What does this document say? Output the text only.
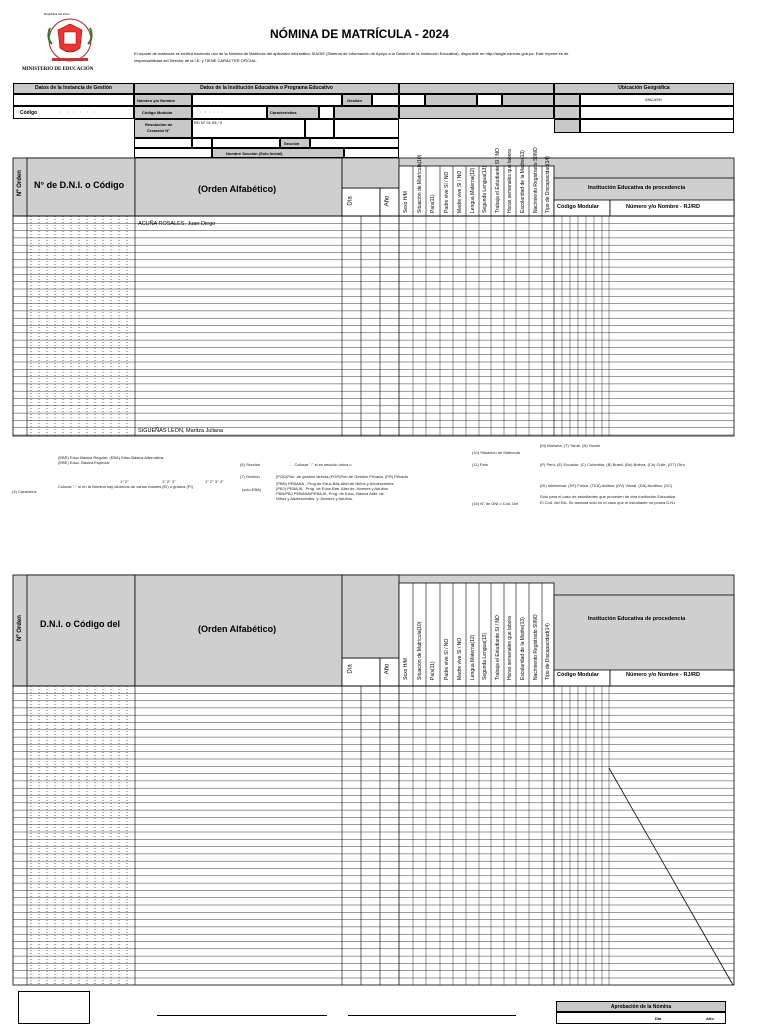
República del Perú
MINISTERIO DE EDUCACIÓN
NÓMINA DE MATRÍCULA - 2024
El reporte de matrícula se emitirá haciendo uso de la Nómina de Matrícula del aplicativo informático SIAGIE (Sistema de Información de Apoyo a la Gestión de la Institución Educativa), disponible en http://siagie.minedu.gob.pe. Este reporte es de
responsabilidad del Director de la I.E. y TIENE CARÁCTER OFICIAL.
Datos de la Instancia de Gestión
Código	:     :     :     :     :     :
Datos de la Institución Educativa o Programa Educativo
Número y/o Nombre	Gestión
Código Modular	:   :   :   :   :   :	Característica
Resolución de
Creación N°
RD N° 01 05 / 0
Sección
Nombre Sección (Solo Inicial)
Ubicación Geográfica
ANCASH
Nº Orden N° de D.N.I. o Código	(Orden Alfabético)
Día	Año
Institución Educativa de procedencia
Código Modular	Número y/o Nombre - RJ/RD
Sexo H/M Situación de Matrícula(10) País(11) Padre vive SI / NO Madre vive SI / NO Lengua Materna(12) Segunda Lengua(13) Trabaja el Estudiante SI / NO Horas semanales que labora Escolaridad de la Madre(13) Nacimiento Registrado SI/NO Tipo de Discapacidad(14)
ACUÑA ROSALES, Juan Diego
SIGUEÑAS LEON, Maritza Juliana
(EBR) Educ.Básica Regular, (EBA) Educ.Básica Alternativa,
(EBE) Educ. Básica Especial	(6) Sección	... Colocar "-" si es sección única o
(7) Gestión	(PGD)Púb. de gestión directa,(PGP)Pub.de Gestión Privada, (PR) Privada
(PBN) PEBANA , Prog.de Educ.Bás.Alter.de Niños y Adolescentes
(PBJ) PEBAJA , Prog. de Educ.Bás. Alter.de Jóvenes y Adultos
PBN/PBJ PEBANA/PEBAJA, Prog. de Educ. Básica Alter. de
Niños y Adolescentes, y Jóvenes y Adultos.
(solo EBA)
(4) Caracterís.
Colocar "-" si en la Nómina hay alumnos de varias edades (EI) o grados (PI)
1° 2°	1° 2° 3°	1° 2° 3° 4°
(10) Situación de Matrícula
(11) País
(16) N° de DNI o Cod. Del
(M) Mañana, (T) Tarde, (N) Noche
(P) Perú, (E) Ecuador, (C) Colombia, (B) Brasil, (Bo) Bolivia, (Ch) Chile, (OT) Otro
(DI) Intelectual, (DF) Física, (TEA) Autista, (DV) Visual, (DA) Auditiva, (SC)
Solo para el caso de estudiantes que proceden de otra Institución Educativa.
El Cód. del Est. Se anotará sólo en el caso que el estudiante no posea D.N.I.
Nº Orden D.N.I. o Código del	(Orden Alfabético)
Día	Año
Institución Educativa de procedencia
Código Modular	Número y/o Nombre - RJ/RD
Sexo H/M Situación de Matrícula(10) País(11) Padre vive SI / NO Madre vive SI / NO Lengua Materna(12) Segunda Lengua(13) Trabaja el Estudiante SI / NO Horas semanales que labora Escolaridad de la Madre(13) Nacimiento Registrado SI/NO Tipo de Discapacidad(14)
Aprobación de la Nómina
Día	Año
